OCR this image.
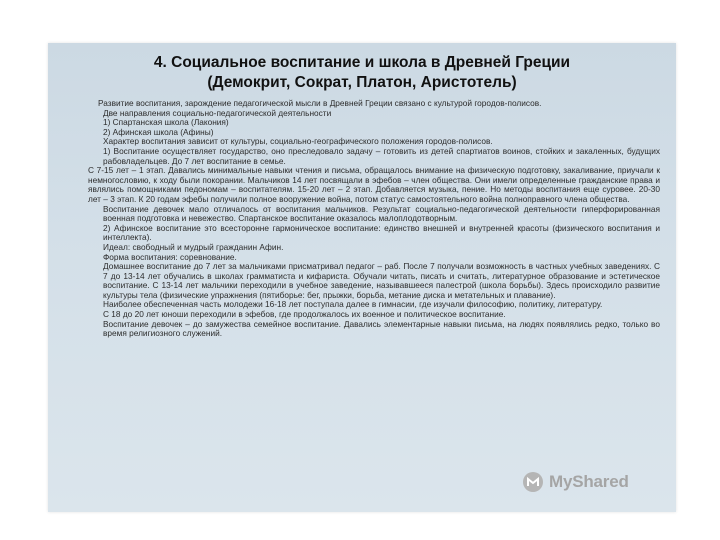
4. Социальное воспитание и школа в Древней Греции
(Демокрит, Сократ, Платон, Аристотель)

Развитие воспитания, зарождение педагогической мысли в Древней Греции связано с культурой городов-полисов.

Две направления социально-педагогической деятельности

1) Спартанская школа (Лакония)

2) Афинская школа (Афины)

Характер воспитания зависит от культуры, социально-географического положения городов-полисов.

1) Воспитание осуществляет государство, оно преследовало задачу – готовить из детей спартиатов воинов, стойких и закаленных, будущих рабовладельцев. До 7 лет воспитание в семье.

С 7-15 лет – 1 этап. Давались минимальные навыки чтения и письма, обращалось внимание на физическую подготовку, закаливание, приучали к немногословию, к ходу были покорании. Мальчиков 14 лет посвящали в эфебов – член общества. Они имели определенные гражданские права и являлись помощниками педономам – воспитателям. 15-20 лет – 2 этап. Добавляется музыка, пение. Но методы воспитания еще суровее. 20-30 лет – 3 этап. К 20 годам эфебы получили полное вооружение война, потом статус самостоятельного война полноправного члена общества.

Воспитание девочек мало отличалось от воспитания мальчиков. Результат социально-педагогической деятельности гиперфорированная военная подготовка и невежество. Спартанское воспитание оказалось малоплодотворным.

2) Афинское воспитание это всесторонне гармоническое воспитание: единство внешней и внутренней красоты (физического воспитания и интеллекта).

Идеал: свободный и мудрый гражданин Афин.

Форма воспитания: соревнование.

Домашнее воспитание до 7 лет за мальчиками присматривал педагог – раб. После 7 получали возможность в частных учебных заведениях. С 7 до 13-14 лет обучались в школах грамматиста и кифариста. Обучали читать, писать и считать, литературное образование и эстетическое воспитание. С 13-14 лет мальчики переходили в учебное заведение, называвшееся палестрой (школа борьбы). Здесь происходило развитие культуры тела (физические упражнения (пятиборье: бег, прыжки, борьба, метание диска и метательных и плавание).

Наиболее обеспеченная часть молодежи 16-18 лет поступала далее в гимнасии, где изучали философию, политику, литературу.

С 18 до 20 лет юноши переходили в эфебов, где продолжалось их военное и политическое воспитание.

Воспитание девочек – до замужества семейное воспитание. Давались элементарные навыки письма, на людях появлялись редко, только во время религиозного служений.

MyShared
